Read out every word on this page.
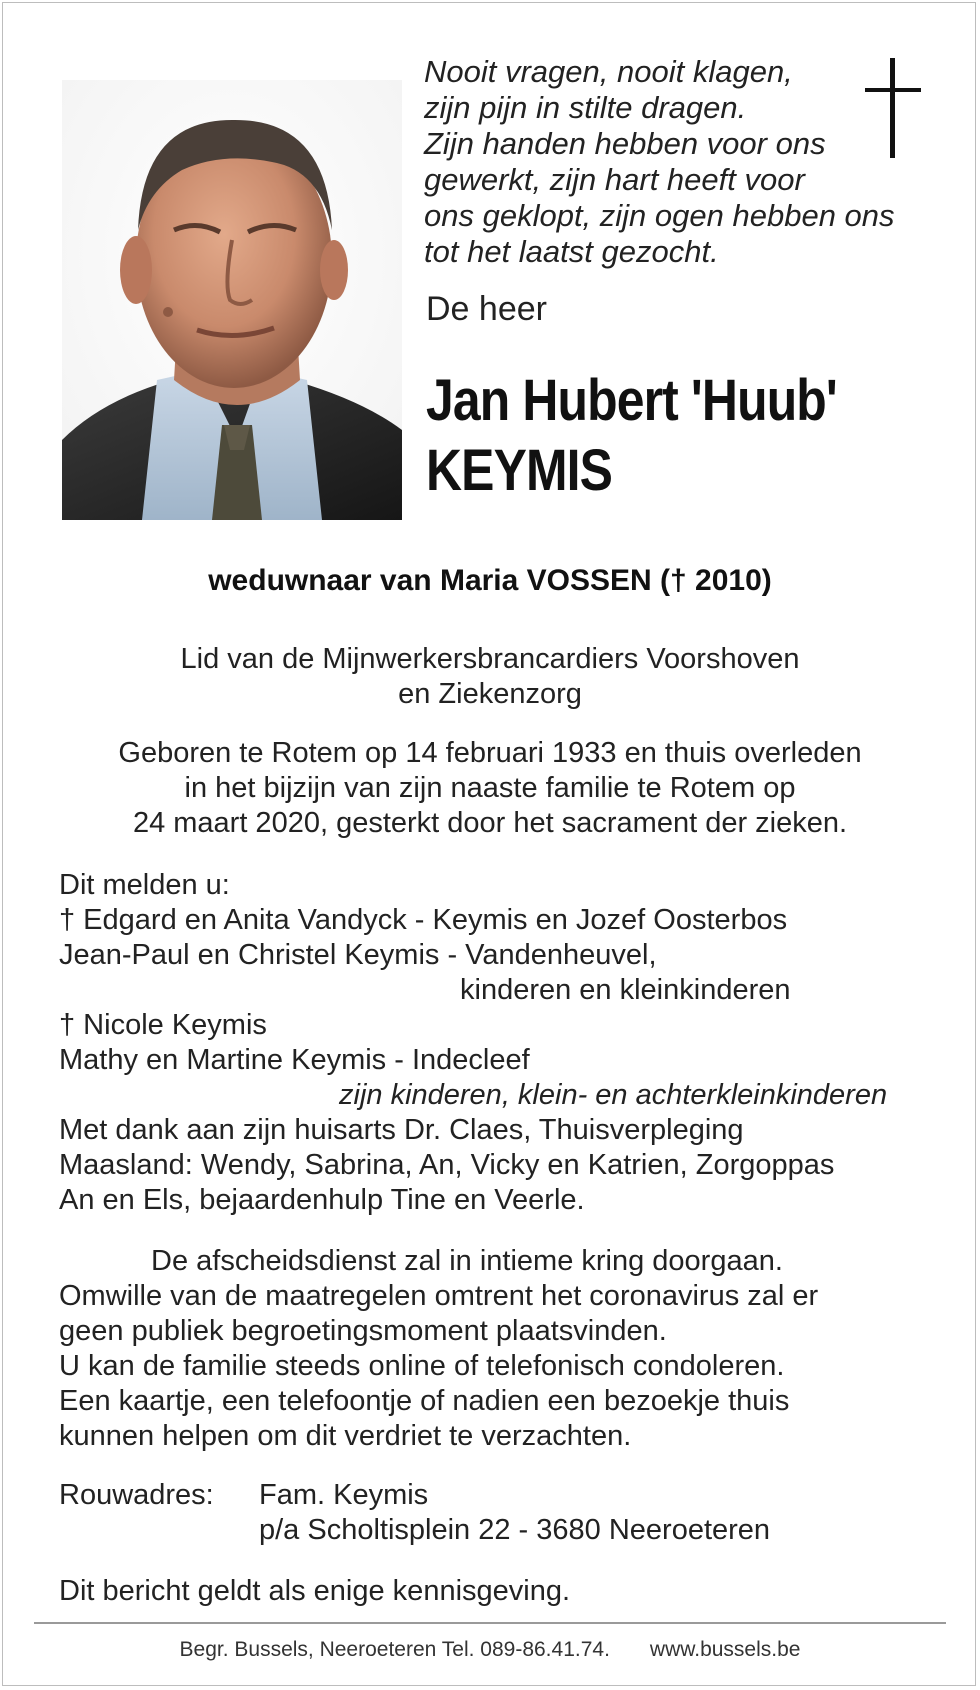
Nooit vragen, nooit klagen,
zijn pijn in stilte dragen.
Zijn handen hebben voor ons
gewerkt, zijn hart heeft voor
ons geklopt, zijn ogen hebben ons
tot het laatst gezocht.
De heer
Jan Hubert 'Huub'
KEYMIS
weduwnaar van Maria VOSSEN († 2010)
Lid van de Mijnwerkersbrancardiers Voorshoven
en Ziekenzorg
Geboren te Rotem op 14 februari 1933 en thuis overleden
in het bijzijn van zijn naaste familie te Rotem op
24 maart 2020, gesterkt door het sacrament der zieken.
Dit melden u:
† Edgard en Anita Vandyck - Keymis en Jozef Oosterbos
Jean-Paul en Christel Keymis - Vandenheuvel,
kinderen en kleinkinderen
† Nicole Keymis
Mathy en Martine Keymis - Indecleef
zijn kinderen, klein- en achterkleinkinderen
Met dank aan zijn huisarts Dr. Claes, Thuisverpleging
Maasland: Wendy, Sabrina, An, Vicky en Katrien, Zorgoppas
An en Els, bejaardenhulp Tine en Veerle.
De afscheidsdienst zal in intieme kring doorgaan.
Omwille van de maatregelen omtrent het coronavirus zal er
geen publiek begroetingsmoment plaatsvinden.
U kan de familie steeds online of telefonisch condoleren.
Een kaartje, een telefoontje of nadien een bezoekje thuis
kunnen helpen om dit verdriet te verzachten.
Rouwadres:	Fam. Keymis
p/a Scholtisplein 22 - 3680 Neeroeteren
Dit bericht geldt als enige kennisgeving.
Begr. Bussels, Neeroeteren Tel. 089-86.41.74. www.bussels.be
